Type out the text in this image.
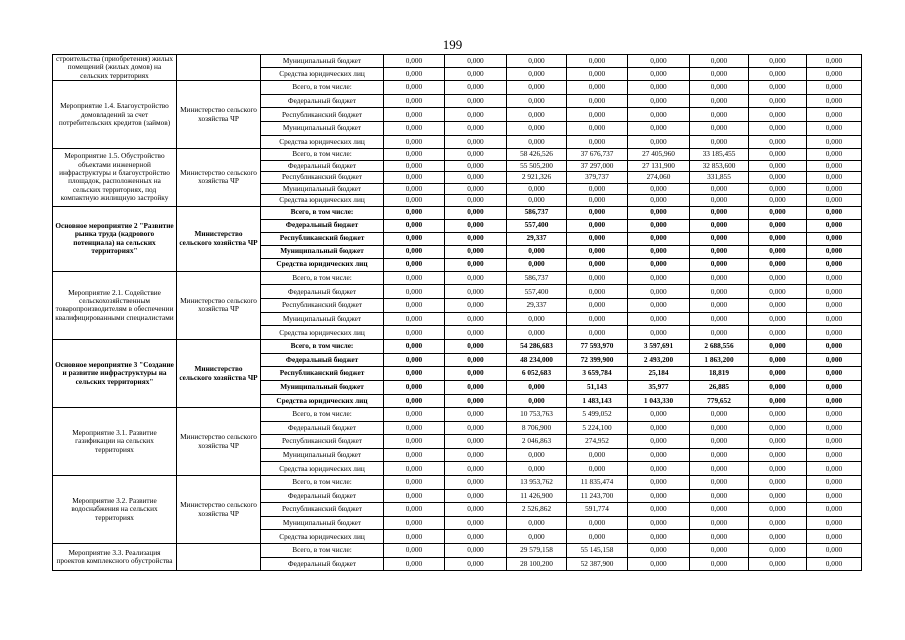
199
строительства (приобретения) жилых помещений (жилых домов) на сельских территориях		Муниципальный бюджет	0,000	0,000	0,000	0,000	0,000	0,000	0,000	0,000
		Средства юридических лиц	0,000	0,000	0,000	0,000	0,000	0,000	0,000	0,000
Мероприятие 1.4. Благоустройство домовладений за счет потребительских кредитов (займов)	Министерство сельского хозяйства ЧР	Всего, в том числе:	0,000	0,000	0,000	0,000	0,000	0,000	0,000	0,000
		Федеральный бюджет	0,000	0,000	0,000	0,000	0,000	0,000	0,000	0,000
		Республиканский бюджет	0,000	0,000	0,000	0,000	0,000	0,000	0,000	0,000
		Муниципальный бюджет	0,000	0,000	0,000	0,000	0,000	0,000	0,000	0,000
		Средства юридических лиц	0,000	0,000	0,000	0,000	0,000	0,000	0,000	0,000
Мероприятие 1.5. Обустройство объектами инженерной инфраструктуры и благоустройство площадок, расположенных на сельских территориях, под компактную жилищную застройку	Министерство сельского хозяйства ЧР	Всего, в том числе:	0,000	0,000	58 426,526	37 676,737	27 405,960	33 185,455	0,000	0,000
		Федеральный бюджет	0,000	0,000	55 505,200	37 297,000	27 131,900	32 853,600	0,000	0,000
		Республиканский бюджет	0,000	0,000	2 921,326	379,737	274,060	331,855	0,000	0,000
		Муниципальный бюджет	0,000	0,000	0,000	0,000	0,000	0,000	0,000	0,000
		Средства юридических лиц	0,000	0,000	0,000	0,000	0,000	0,000	0,000	0,000
Основное мероприятие 2 "Развитие рынка труда (кадрового потенциала) на сельских территориях"	Министерство сельского хозяйства ЧР	Всего, в том числе:	0,000	0,000	586,737	0,000	0,000	0,000	0,000	0,000
		Федеральный бюджет	0,000	0,000	557,400	0,000	0,000	0,000	0,000	0,000
		Республиканский бюджет	0,000	0,000	29,337	0,000	0,000	0,000	0,000	0,000
		Муниципальный бюджет	0,000	0,000	0,000	0,000	0,000	0,000	0,000	0,000
		Средства юридических лиц	0,000	0,000	0,000	0,000	0,000	0,000	0,000	0,000
Мероприятие 2.1. Содействие сельскохозяйственным товаропроизводителям в обеспечении квалифицированными специалистами	Министерство сельского хозяйства ЧР	Всего, в том числе:	0,000	0,000	586,737	0,000	0,000	0,000	0,000	0,000
		Федеральный бюджет	0,000	0,000	557,400	0,000	0,000	0,000	0,000	0,000
		Республиканский бюджет	0,000	0,000	29,337	0,000	0,000	0,000	0,000	0,000
		Муниципальный бюджет	0,000	0,000	0,000	0,000	0,000	0,000	0,000	0,000
		Средства юридических лиц	0,000	0,000	0,000	0,000	0,000	0,000	0,000	0,000
Основное мероприятие 3 "Создание и развитие инфраструктуры на сельских территориях"	Министерство сельского хозяйства ЧР	Всего, в том числе:	0,000	0,000	54 286,683	77 593,970	3 597,691	2 688,556	0,000	0,000
		Федеральный бюджет	0,000	0,000	48 234,000	72 399,900	2 493,200	1 863,200	0,000	0,000
		Республиканский бюджет	0,000	0,000	6 052,683	3 659,784	25,184	18,819	0,000	0,000
		Муниципальный бюджет	0,000	0,000	0,000	51,143	35,977	26,885	0,000	0,000
		Средства юридических лиц	0,000	0,000	0,000	1 483,143	1 043,330	779,652	0,000	0,000
Мероприятие 3.1. Развитие газификации на сельских территориях	Министерство сельского хозяйства ЧР	Всего, в том числе:	0,000	0,000	10 753,763	5 499,052	0,000	0,000	0,000	0,000
		Федеральный бюджет	0,000	0,000	8 706,900	5 224,100	0,000	0,000	0,000	0,000
		Республиканский бюджет	0,000	0,000	2 046,863	274,952	0,000	0,000	0,000	0,000
		Муниципальный бюджет	0,000	0,000	0,000	0,000	0,000	0,000	0,000	0,000
		Средства юридических лиц	0,000	0,000	0,000	0,000	0,000	0,000	0,000	0,000
Мероприятие 3.2. Развитие водоснабжения на сельских территориях	Министерство сельского хозяйства ЧР	Всего, в том числе:	0,000	0,000	13 953,762	11 835,474	0,000	0,000	0,000	0,000
		Федеральный бюджет	0,000	0,000	11 426,900	11 243,700	0,000	0,000	0,000	0,000
		Республиканский бюджет	0,000	0,000	2 526,862	591,774	0,000	0,000	0,000	0,000
		Муниципальный бюджет	0,000	0,000	0,000	0,000	0,000	0,000	0,000	0,000
		Средства юридических лиц	0,000	0,000	0,000	0,000	0,000	0,000	0,000	0,000
Мероприятие 3.3. Реализация проектов комплексного обустройства		Всего, в том числе:	0,000	0,000	29 579,158	55 145,158	0,000	0,000	0,000	0,000
		Федеральный бюджет	0,000	0,000	28 100,200	52 387,900	0,000	0,000	0,000	0,000
